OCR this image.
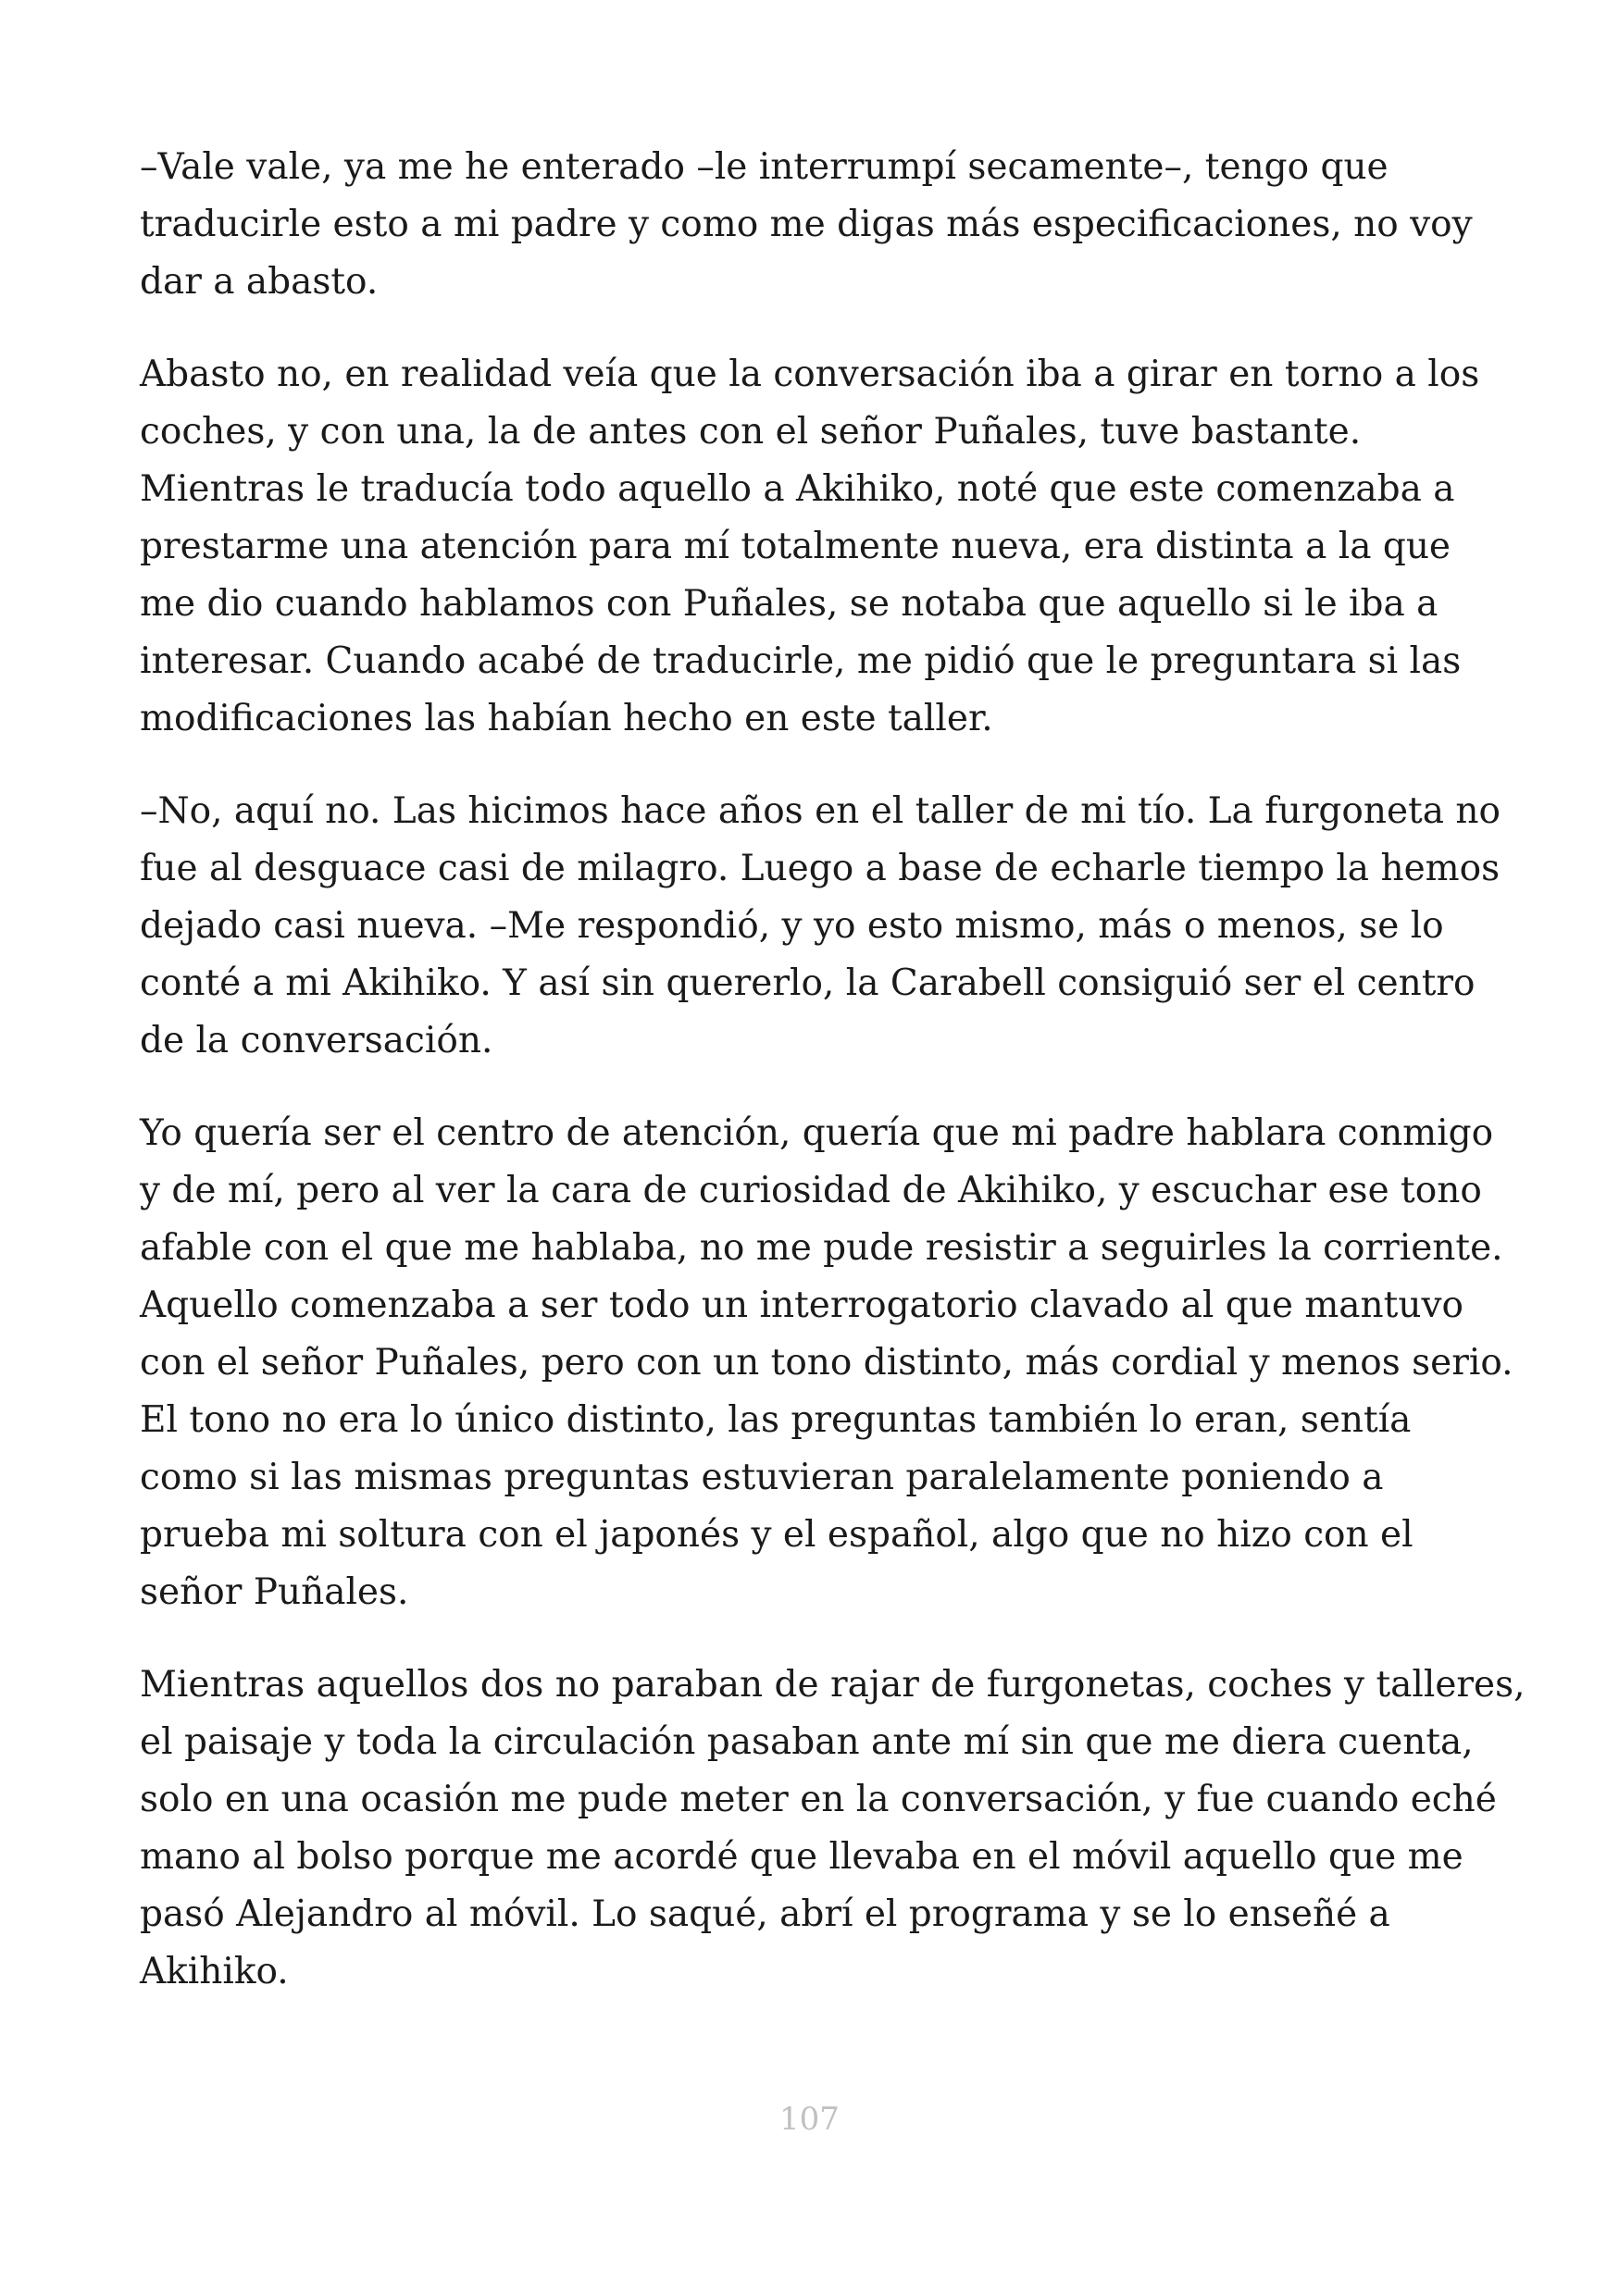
–Vale vale, ya me he enterado –le interrumpí secamente–, tengo que
traducirle esto a mi padre y como me digas más especificaciones, no voy
dar a abasto.

Abasto no, en realidad veía que la conversación iba a girar en torno a los
coches, y con una, la de antes con el señor Puñales, tuve bastante.
Mientras le traducía todo aquello a Akihiko, noté que este comenzaba a
prestarme una atención para mí totalmente nueva, era distinta a la que
me dio cuando hablamos con Puñales, se notaba que aquello si le iba a
interesar. Cuando acabé de traducirle, me pidió que le preguntara si las
modificaciones las habían hecho en este taller.

–No, aquí no. Las hicimos hace años en el taller de mi tío. La furgoneta no
fue al desguace casi de milagro. Luego a base de echarle tiempo la hemos
dejado casi nueva. –Me respondió, y yo esto mismo, más o menos, se lo
conté a mi Akihiko. Y así sin quererlo, la Carabell consiguió ser el centro
de la conversación.

Yo quería ser el centro de atención, quería que mi padre hablara conmigo
y de mí, pero al ver la cara de curiosidad de Akihiko, y escuchar ese tono
afable con el que me hablaba, no me pude resistir a seguirles la corriente.
Aquello comenzaba a ser todo un interrogatorio clavado al que mantuvo
con el señor Puñales, pero con un tono distinto, más cordial y menos serio.
El tono no era lo único distinto, las preguntas también lo eran, sentía
como si las mismas preguntas estuvieran paralelamente poniendo a
prueba mi soltura con el japonés y el español, algo que no hizo con el
señor Puñales.

Mientras aquellos dos no paraban de rajar de furgonetas, coches y talleres,
el paisaje y toda la circulación pasaban ante mí sin que me diera cuenta,
solo en una ocasión me pude meter en la conversación, y fue cuando eché
mano al bolso porque me acordé que llevaba en el móvil aquello que me
pasó Alejandro al móvil. Lo saqué, abrí el programa y se lo enseñé a
Akihiko.

107
